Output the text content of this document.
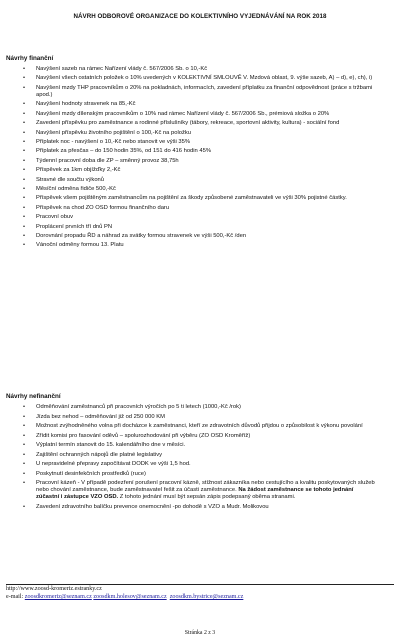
NÁVRH ODBOROVÉ ORGANIZACE DO KOLEKTIVNÍHO VYJEDNÁVÁNÍ NA ROK 2018
Návrhy finanční
• Navýšení sazeb na rámec Nařízení vlády č. 567/2006 Sb. o 10,-Kč
• Navýšení všech ostatních položek o 10% uvedených v KOLEKTIVNÍ SMLOUVĚ V. Mzdová oblast, 9. výše sazeb, A) – d), e), ch), i)
• Navýšení mzdy THP pracovníkům o 20% na pokladnách, informacích, zavedení příplatku za finanční odpovědnost (práce s tržbami apod.)
• Navýšení hodnoty stravenek na 85,-Kč
• Navýšení mzdy dílenským pracovníkům o 10% nad rámec Nařízení vlády č. 567/2006 Sb., prémiová složka o 20%
• Zavedení příspěvku pro zaměstnance a rodinné příslušníky (tábory, rekreace, sportovní aktivity, kultura) - sociální fond
• Navýšení příspěvku životního pojištění o 100,-Kč na položku
• Příplatek noc - navýšení o 10,-Kč nebo stanovit ve výši 35%
• Příplatek za přesčas – do 150 hodin 35%, od 151 do 416 hodin 45%
• Týdenní pracovní doba dle ZP – směnný provoz 38,75h
• Příspěvek za 1km objížďky 2,-Kč
• Stravné dle součtu výkonů
• Měsíční odměna řidiče 500,-Kč
• Příspěvek všem pojištěným zaměstnancům na pojištění za škody způsobené zaměstnavateli ve výši 30% pojistné částky.
• Příspěvek na chod ZO OSD formou finančního daru
• Pracovní obuv
• Proplácení prvních tří dnů PN
• Dorovnání propadu ŘD a náhrad za svátky formou stravenek ve výši 500,-Kč /den
• Vánoční odměny formou 13. Platu
Návrhy nefinanční
• Odměňování zaměstnanců při pracovních výročích po 5 ti letech (1000,-Kč /rok)
• Jízda bez nehod – odměňování již od 250 000 KM
• Možnost zvýhodněného volna při docházce k zaměstnanci, kteří ze zdravotních důvodů přijdou o způsobilost k výkonu povolání
• Zřídit komisi pro fasování oděvů – spolurozhodování při výběru (ZO OSD Kroměříž)
• Výplatní termín stanovit do 15. kalendářního dne v měsíci.
• Zajištění ochranných nápojů dle platné legislativy
• U nepravidelné přepravy započítávat DODK ve výši 1,5 hod.
• Poskytnutí desinfekčních prostředků (ruce)
• Pracovní kázeň - V případě podezření porušení pracovní kázně, stížnost zákazníka nebo cestujícího a kvalitu poskytovaných služeb nebo chování zaměstnance, bude zaměstnavatel řešit za účasti zaměstnance. Na žádost zaměstnance se tohoto jednání zúčastní i zástupce VZO OSD. Z tohoto jednání musí být sepsán zápis podepsaný oběma stranami.
• Zavedení zdravotního balíčku prevence onemocnění -po dohodě s VZO a Mudr. Molikovou
http://www.zoosd-kromeriz.estranky.cz
e-mail: zoosdkromeriz@seznam.cz zoosdkm.holesov@seznam.cz zoosdkm.bystrice@seznam.cz
Stránka 2 z 3
